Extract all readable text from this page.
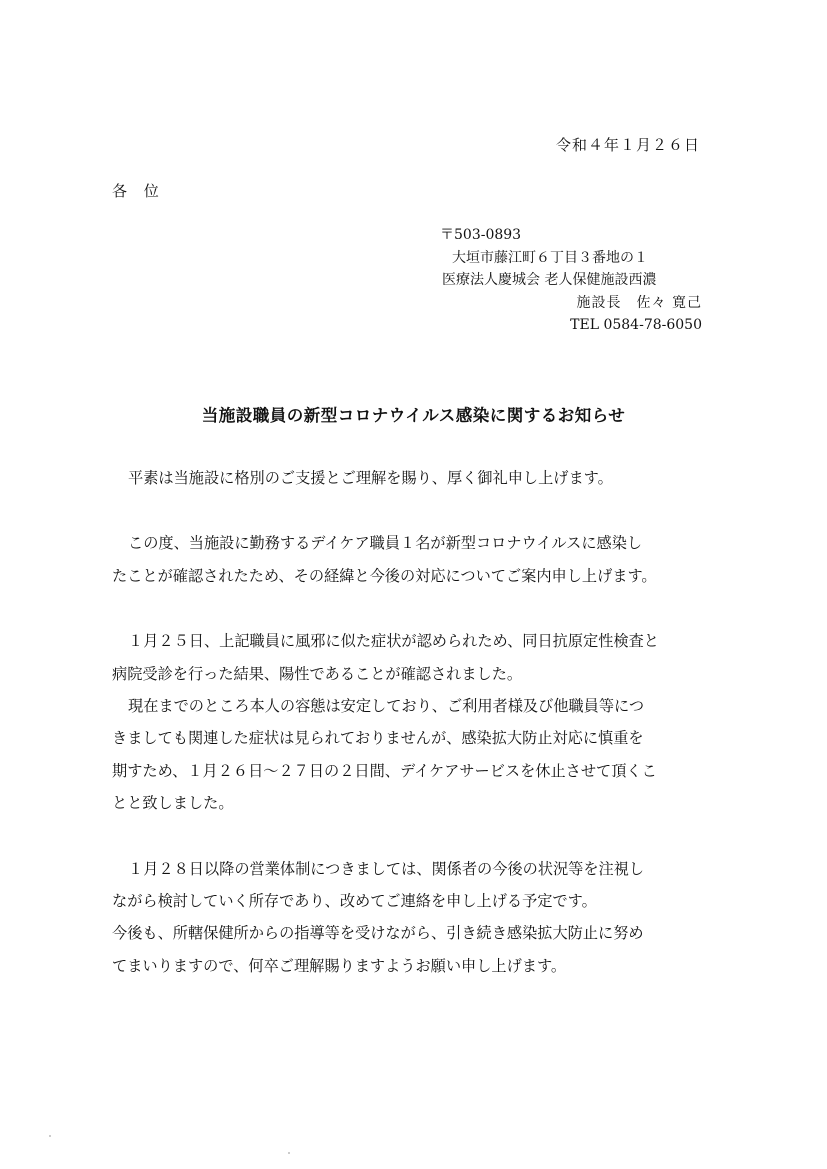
令和４年１月２６日
各 位
〒503-0893
大垣市藤江町６丁目３番地の１
医療法人慶城会 老人保健施設西濃
施設長　佐々 寛己
TEL 0584-78-6050
当施設職員の新型コロナウイルス感染に関するお知らせ
平素は当施設に格別のご支援とご理解を賜り、厚く御礼申し上げます。
この度、当施設に勤務するデイケア職員１名が新型コロナウイルスに感染し
たことが確認されたため、その経緯と今後の対応についてご案内申し上げます。
１月２５日、上記職員に風邪に似た症状が認められため、同日抗原定性検査と
病院受診を行った結果、陽性であることが確認されました。
現在までのところ本人の容態は安定しており、ご利用者様及び他職員等につ
きましても関連した症状は見られておりませんが、感染拡大防止対応に慎重を
期すため、１月２６日～２７日の２日間、デイケアサービスを休止させて頂くこ
とと致しました。
１月２８日以降の営業体制につきましては、関係者の今後の状況等を注視し
ながら検討していく所存であり、改めてご連絡を申し上げる予定です。
今後も、所轄保健所からの指導等を受けながら、引き続き感染拡大防止に努め
てまいりますので、何卒ご理解賜りますようお願い申し上げます。
